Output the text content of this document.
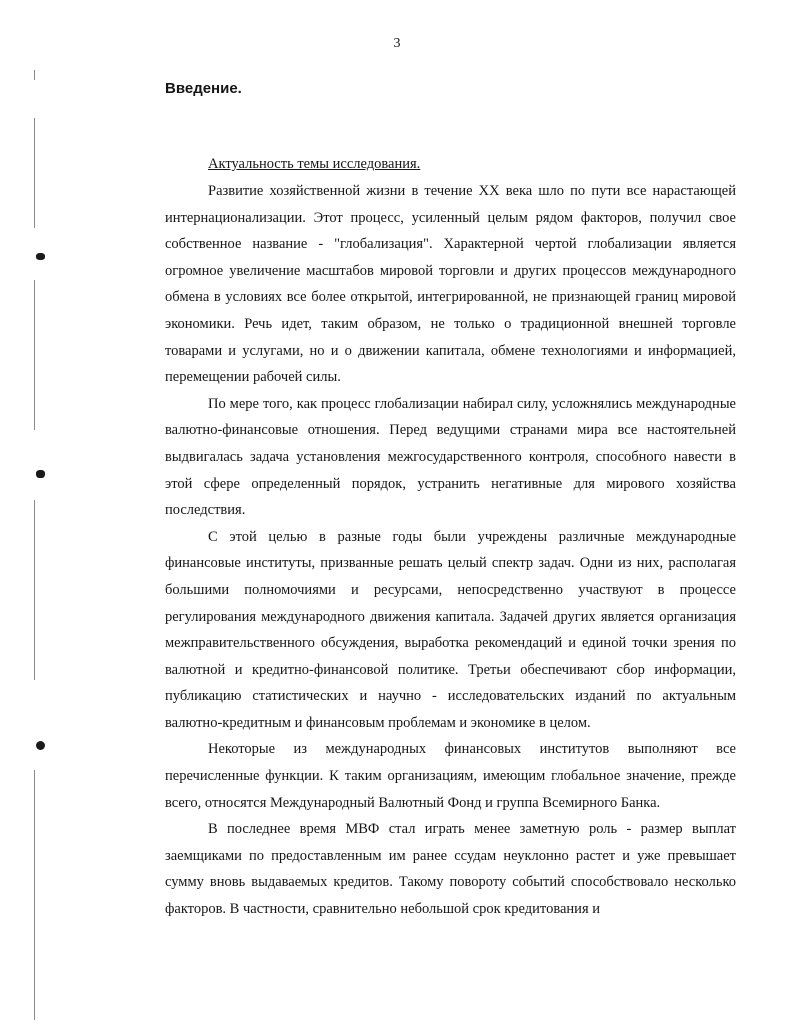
3
Введение.
Актуальность темы исследования.

Развитие хозяйственной жизни в течение XX века шло по пути все нарастающей интернационализации. Этот процесс, усиленный целым рядом факторов, получил свое собственное название - "глобализация". Характерной чертой глобализации является огромное увеличение масштабов мировой торговли и других процессов международного обмена в условиях все более открытой, интегрированной, не признающей границ мировой экономики. Речь идет, таким образом, не только о традиционной внешней торговле товарами и услугами, но и о движении капитала, обмене технологиями и информацией, перемещении рабочей силы.

По мере того, как процесс глобализации набирал силу, усложнялись международные валютно-финансовые отношения. Перед ведущими странами мира все настоятельней выдвигалась задача установления межгосударственного контроля, способного навести в этой сфере определенный порядок, устранить негативные для мирового хозяйства последствия.

С этой целью в разные годы были учреждены различные международные финансовые институты, призванные решать целый спектр задач. Одни из них, располагая большими полномочиями и ресурсами, непосредственно участвуют в процессе регулирования международного движения капитала. Задачей других является организация межправительственного обсуждения, выработка рекомендаций и единой точки зрения по валютной и кредитно-финансовой политике. Третьи обеспечивают сбор информации, публикацию статистических и научно - исследовательских изданий по актуальным валютно-кредитным и финансовым проблемам и экономике в целом.

Некоторые из международных финансовых институтов выполняют все перечисленные функции. К таким организациям, имеющим глобальное значение, прежде всего, относятся Международный Валютный Фонд и группа Всемирного Банка.

В последнее время МВФ стал играть менее заметную роль - размер выплат заемщиками по предоставленным им ранее ссудам неуклонно растет и уже превышает сумму вновь выдаваемых кредитов. Такому повороту событий способствовало несколько факторов. В частности, сравнительно небольшой срок кредитования и
